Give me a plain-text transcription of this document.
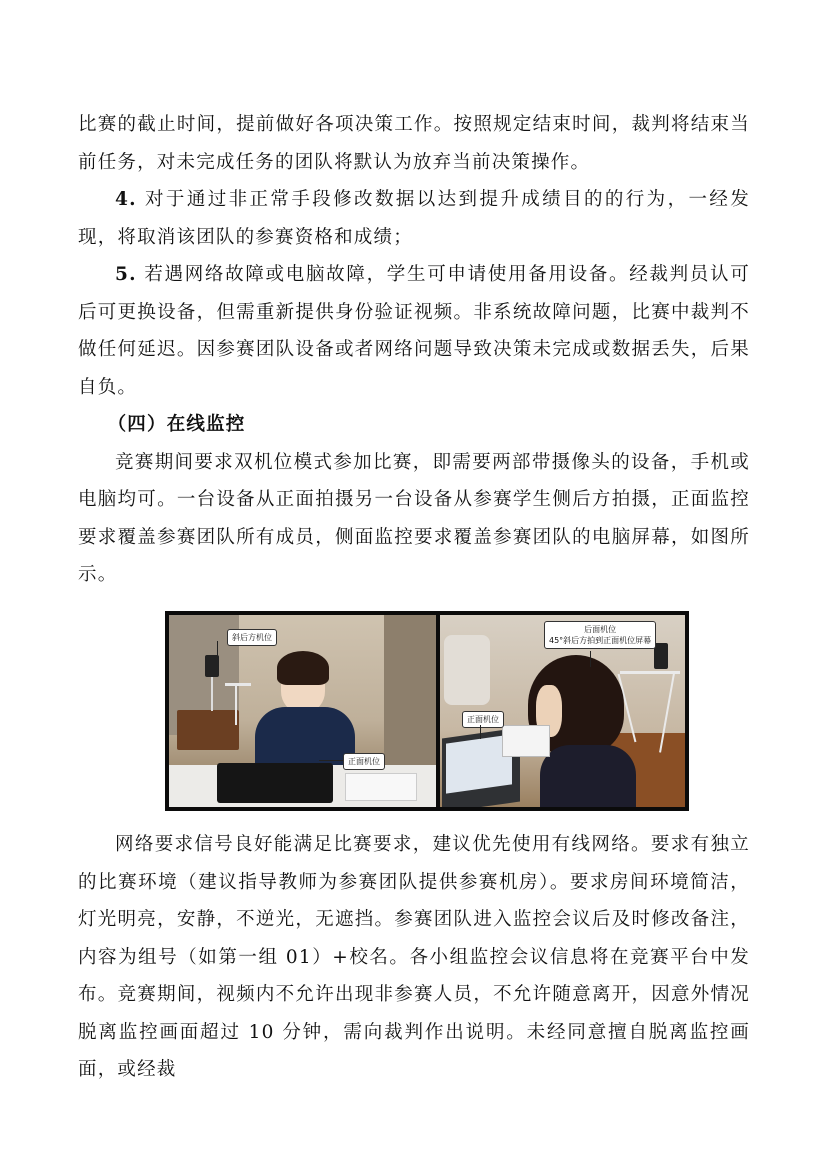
比赛的截止时间，提前做好各项决策工作。按照规定结束时间，裁判将结束当前任务，对未完成任务的团队将默认为放弃当前决策操作。

4. 对于通过非正常手段修改数据以达到提升成绩目的的行为，一经发现，将取消该团队的参赛资格和成绩；

5. 若遇网络故障或电脑故障，学生可申请使用备用设备。经裁判员认可后可更换设备，但需重新提供身份验证视频。非系统故障问题，比赛中裁判不做任何延迟。因参赛团队设备或者网络问题导致决策未完成或数据丢失，后果自负。

（四）在线监控

竞赛期间要求双机位模式参加比赛，即需要两部带摄像头的设备，手机或电脑均可。一台设备从正面拍摄另一台设备从参赛学生侧后方拍摄，正面监控要求覆盖参赛团队所有成员，侧面监控要求覆盖参赛团队的电脑屏幕，如图所示。

斜后方机位
正面机位
后面机位
45°斜后方拍到正面机位屏幕
正面机位

网络要求信号良好能满足比赛要求，建议优先使用有线网络。要求有独立的比赛环境（建议指导教师为参赛团队提供参赛机房）。要求房间环境简洁，灯光明亮，安静，不逆光，无遮挡。参赛团队进入监控会议后及时修改备注，内容为组号（如第一组 01）+校名。各小组监控会议信息将在竞赛平台中发布。竞赛期间，视频内不允许出现非参赛人员，不允许随意离开，因意外情况脱离监控画面超过 10 分钟，需向裁判作出说明。未经同意擅自脱离监控画面，或经裁
